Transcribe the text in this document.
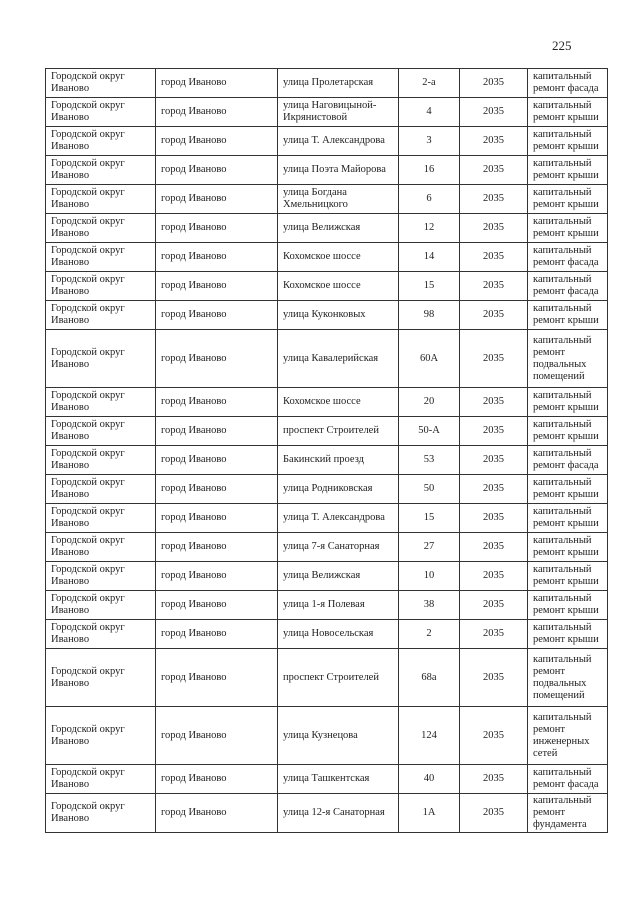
225
Городской округ Иваново	город Иваново	улица Пролетарская	2-а	2035	капитальный ремонт фасада
Городской округ Иваново	город Иваново	улица Наговицыной-Икрянистовой	4	2035	капитальный ремонт крыши
Городской округ Иваново	город Иваново	улица Т. Александрова	3	2035	капитальный ремонт крыши
Городской округ Иваново	город Иваново	улица Поэта Майорова	16	2035	капитальный ремонт крыши
Городской округ Иваново	город Иваново	улица Богдана Хмельницкого	6	2035	капитальный ремонт крыши
Городской округ Иваново	город Иваново	улица Велижская	12	2035	капитальный ремонт крыши
Городской округ Иваново	город Иваново	Кохомское шоссе	14	2035	капитальный ремонт фасада
Городской округ Иваново	город Иваново	Кохомское шоссе	15	2035	капитальный ремонт фасада
Городской округ Иваново	город Иваново	улица Куконковых	98	2035	капитальный ремонт крыши
Городской округ Иваново	город Иваново	улица Кавалерийская	60А	2035	капитальный ремонт подвальных помещений
Городской округ Иваново	город Иваново	Кохомское шоссе	20	2035	капитальный ремонт крыши
Городской округ Иваново	город Иваново	проспект Строителей	50-А	2035	капитальный ремонт крыши
Городской округ Иваново	город Иваново	Бакинский проезд	53	2035	капитальный ремонт фасада
Городской округ Иваново	город Иваново	улица Родниковская	50	2035	капитальный ремонт крыши
Городской округ Иваново	город Иваново	улица Т. Александрова	15	2035	капитальный ремонт крыши
Городской округ Иваново	город Иваново	улица 7-я Санаторная	27	2035	капитальный ремонт крыши
Городской округ Иваново	город Иваново	улица Велижская	10	2035	капитальный ремонт крыши
Городской округ Иваново	город Иваново	улица 1-я Полевая	38	2035	капитальный ремонт крыши
Городской округ Иваново	город Иваново	улица Новосельская	2	2035	капитальный ремонт крыши
Городской округ Иваново	город Иваново	проспект Строителей	68а	2035	капитальный ремонт подвальных помещений
Городской округ Иваново	город Иваново	улица Кузнецова	124	2035	капитальный ремонт инженерных сетей
Городской округ Иваново	город Иваново	улица Ташкентская	40	2035	капитальный ремонт фасада
Городской округ Иваново	город Иваново	улица 12-я Санаторная	1А	2035	капитальный ремонт фундамента
